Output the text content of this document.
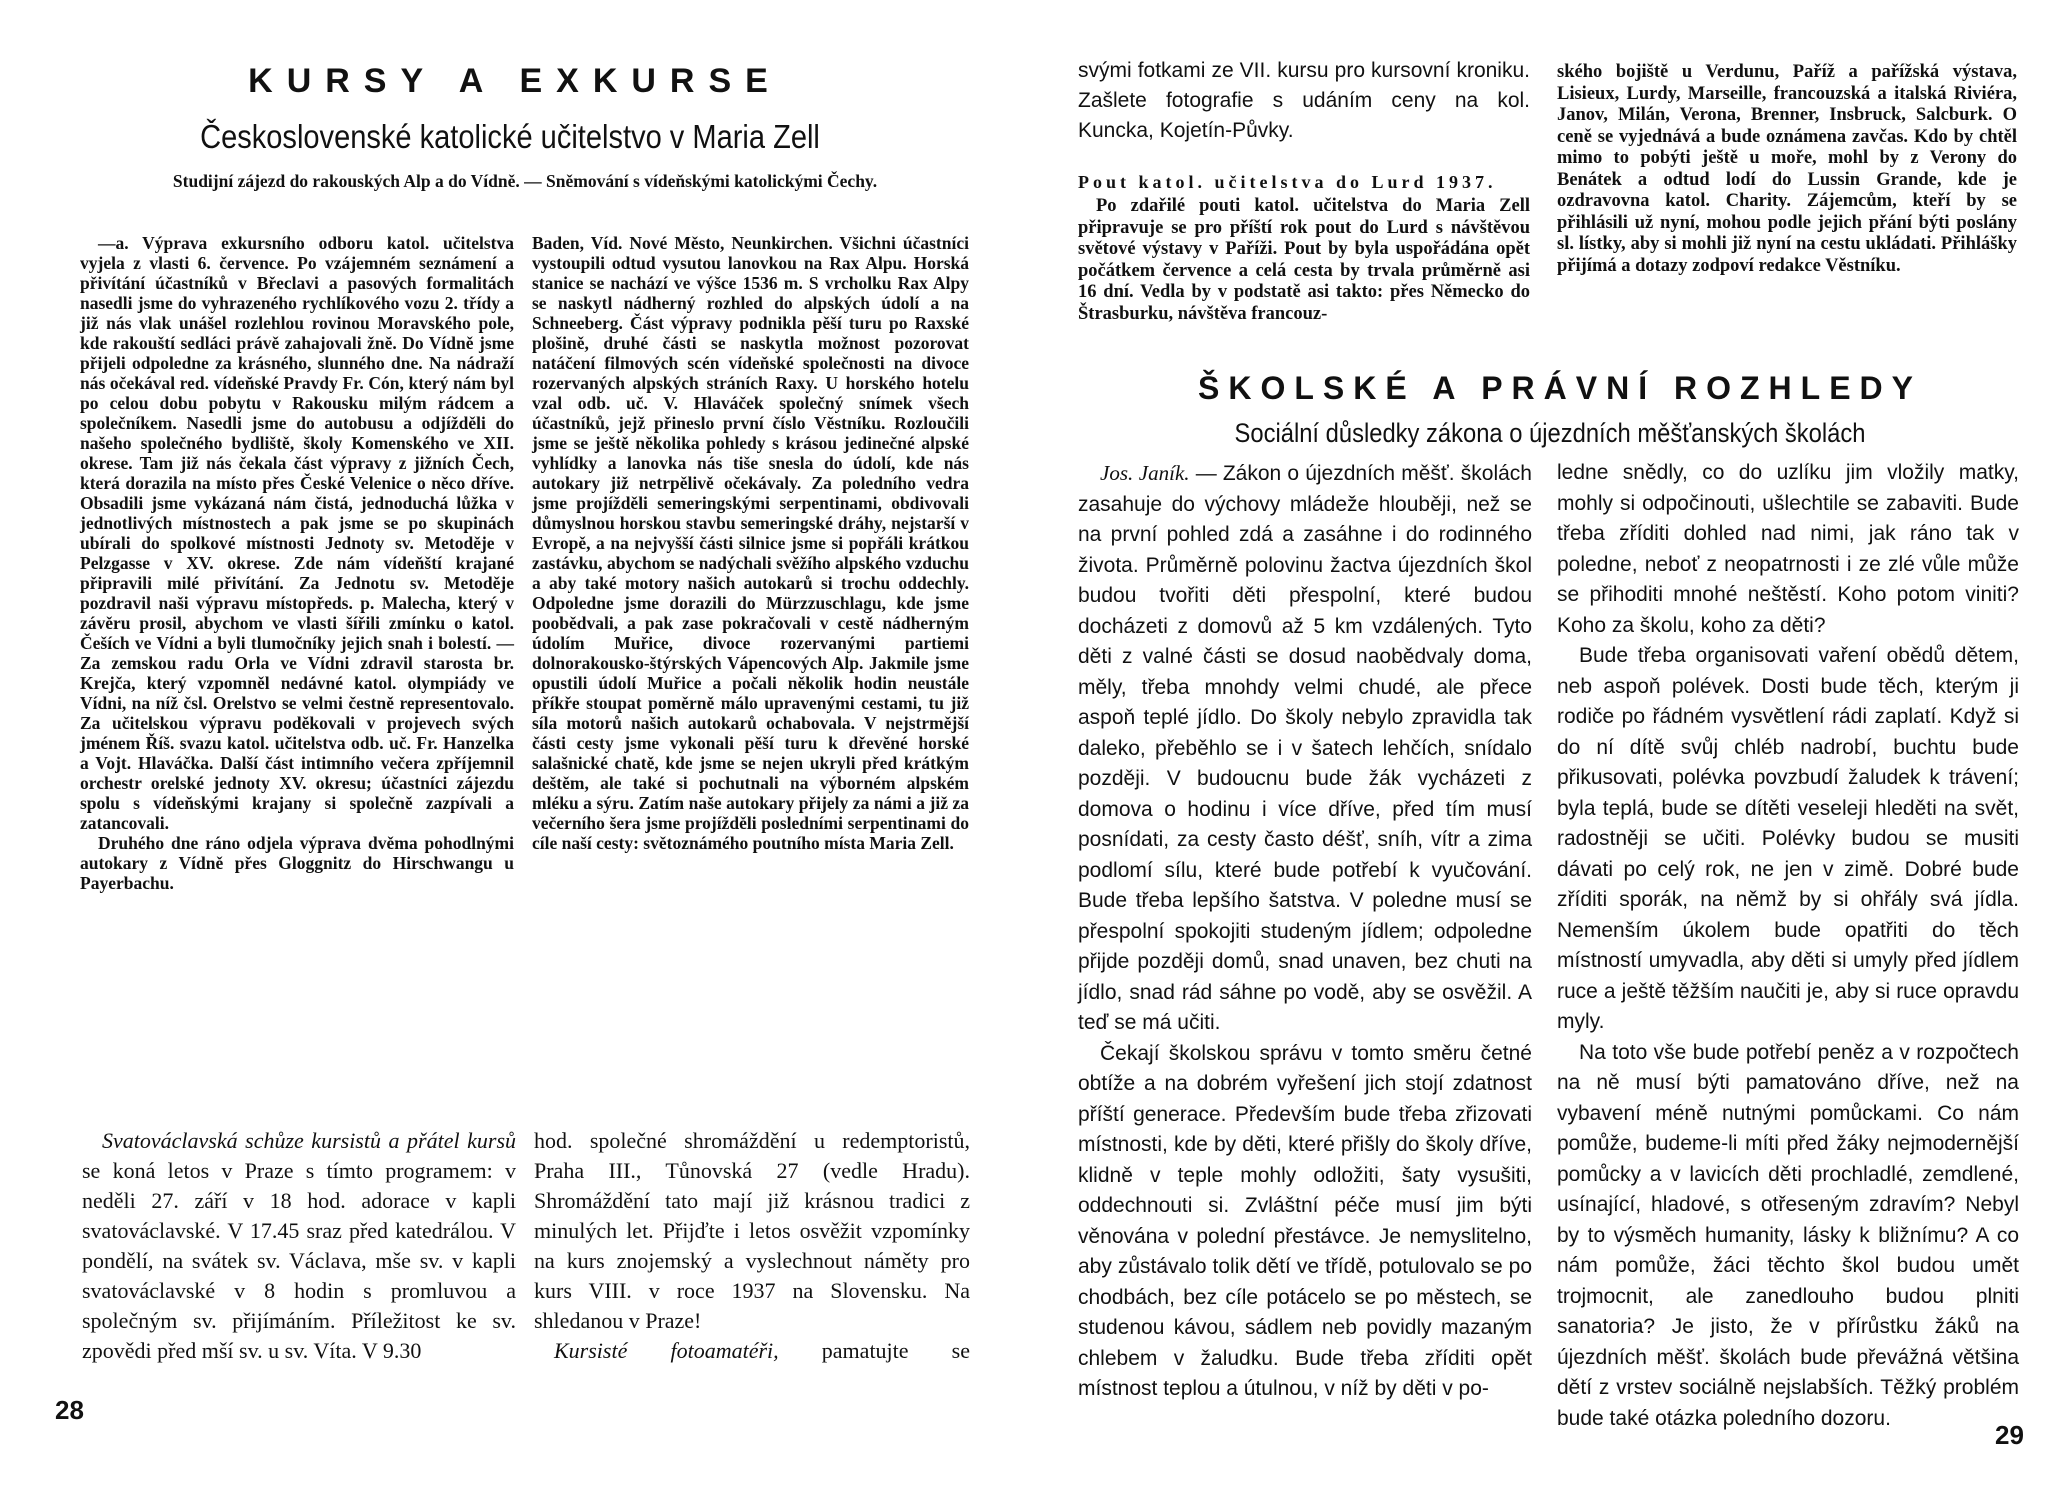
KURSY A EXKURSE
Československé katolické učitelstvo v Maria Zell
Studijní zájezd do rakouských Alp a do Vídně. — Sněmování s vídeňskými katolickými Čechy.

—a. Výprava exkursního odboru katol. učitelstva vyjela z vlasti 6. července. Po vzájemném seznámení a přivítání účastníků v Břeclavi a pasových formalitách nasedli jsme do vyhrazeného rychlíkového vozu 2. třídy a již nás vlak unášel rozlehlou rovinou Moravského pole, kde rakouští sedláci právě zahajovali žně. Do Vídně jsme přijeli odpoledne za krásného, slunného dne. Na nádraží nás očekával red. vídeňské Pravdy Fr. Cón, který nám byl po celou dobu pobytu v Rakousku milým rádcem a společníkem. Nasedli jsme do autobusu a odjížděli do našeho společného bydliště, školy Komenského ve XII. okrese. Tam již nás čekala část výpravy z jižních Čech, která dorazila na místo přes České Velenice o něco dříve. Obsadili jsme vykázaná nám čistá, jednoduchá lůžka v jednotlivých místnostech a pak jsme se po skupinách ubírali do spolkové místnosti Jednoty sv. Metoděje v Pelzgasse v XV. okrese. Zde nám vídeňští krajané připravili milé přivítání. Za Jednotu sv. Metoděje pozdravil naši výpravu místopředs. p. Malecha, který v závěru prosil, abychom ve vlasti šířili zmínku o katol. Češích ve Vídni a byli tlumočníky jejich snah i bolestí. — Za zemskou radu Orla ve Vídni zdravil starosta br. Krejča, který vzpomněl nedávné katol. olympiády ve Vídni, na níž čsl. Orelstvo se velmi čestně representovalo. Za učitelskou výpravu poděkovali v projevech svých jménem Říš. svazu katol. učitelstva odb. uč. Fr. Hanzelka a Vojt. Hlaváčka. Další část intimního večera zpříjemnil orchestr orelské jednoty XV. okresu; účastníci zájezdu spolu s vídeňskými krajany si společně zazpívali a zatancovali.

Druhého dne ráno odjela výprava dvěma pohodlnými autokary z Vídně přes Gloggnitz do Hirschwangu u Payerbachu.

Baden, Víd. Nové Město, Neunkirchen. Všichni účastníci vystoupili odtud vysutou lanovkou na Rax Alpu. Horská stanice se nachází ve výšce 1536 m. S vrcholku Rax Alpy se naskytl nádherný rozhled do alpských údolí a na Schneeberg. Část výpravy podnikla pěší turu po Raxské plošině, druhé části se naskytla možnost pozorovat natáčení filmových scén vídeňské společnosti na divoce rozervaných alpských stráních Raxy. U horského hotelu vzal odb. uč. V. Hlaváček společný snímek všech účastníků, jejž přineslo první číslo Věstníku. Rozloučili jsme se ještě několika pohledy s krásou jedinečné alpské vyhlídky a lanovka nás tiše snesla do údolí, kde nás autokary již netrpělivě očekávaly. Za poledního vedra jsme projížděli semeringskými serpentinami, obdivovali důmyslnou horskou stavbu semeringské dráhy, nejstarší v Evropě, a na nejvyšší části silnice jsme si popřáli krátkou zastávku, abychom se nadýchali svěžího alpského vzduchu a aby také motory našich autokarů si trochu oddechly. Odpoledne jsme dorazili do Mürzzuschlagu, kde jsme poobědvali, a pak zase pokračovali v cestě nádherným údolím Muřice, divoce rozervanými partiemi dolnorakousko-štýrských Vápencových Alp. Jakmile jsme opustili údolí Muřice a počali několik hodin neustále příkře stoupat poměrně málo upravenými cestami, tu již síla motorů našich autokarů ochabovala. V nejstrmější části cesty jsme vykonali pěší turu k dřevěné horské salašnické chatě, kde jsme se nejen ukryli před krátkým deštěm, ale také si pochutnali na výborném alpském mléku a sýru. Zatím naše autokary přijely za námi a již za večerního šera jsme projížděli posledními serpentinami do cíle naší cesty: světoznámého poutního místa Maria Zell.

Svatováclavská schůze kursistů a přátel kursů se koná letos v Praze s tímto programem: v neděli 27. září v 18 hod. adorace v kapli svatováclavské. V 17.45 sraz před katedrálou. V pondělí, na svátek sv. Václava, mše sv. v kapli svatováclavské v 8 hodin s promluvou a společným sv. přijímáním. Příležitost ke sv. zpovědi před mší sv. u sv. Víta. V 9.30
hod. společné shromáždění u redemptoristů, Praha III., Tůnovská 27 (vedle Hradu). Shromáždění tato mají již krásnou tradici z minulých let. Přijďte i letos osvěžit vzpomínky na kurs znojemský a vyslechnout náměty pro kurs VIII. v roce 1937 na Slovensku. Na shledanou v Praze!
Kursisté fotoamatéři, pamatujte se
28
svými fotkami ze VII. kursu pro kursovní kroniku. Zašlete fotografie s udáním ceny na kol. Kuncka, Kojetín-Půvky.
Pout katol. učitelstva do Lurd 1937.

Po zdařilé pouti katol. učitelstva do Maria Zell připravuje se pro příští rok pout do Lurd s návštěvou světové výstavy v Paříži. Pout by byla uspořádána opět počátkem července a celá cesta by trvala průměrně asi 16 dní. Vedla by v podstatě asi takto: přes Německo do Štrasburku, návštěva francouz-

ského bojiště u Verdunu, Paříž a pařížská výstava, Lisieux, Lurdy, Marseille, francouzská a italská Riviéra, Janov, Milán, Verona, Brenner, Insbruck, Salcburk. O ceně se vyjednává a bude oznámena zavčas. Kdo by chtěl mimo to pobýti ještě u moře, mohl by z Verony do Benátek a odtud lodí do Lussin Grande, kde je ozdravovna katol. Charity. Zájemcům, kteří by se přihlásili už nyní, mohou podle jejich přání býti poslány sl. lístky, aby si mohli již nyní na cestu ukládati. Přihlášky přijímá a dotazy zodpoví redakce Věstníku.

ŠKOLSKÉ A PRÁVNÍ ROZHLEDY
Sociální důsledky zákona o újezdních měšťanských školách

Jos. Janík. — Zákon o újezdních měšť. školách zasahuje do výchovy mládeže hlouběji, než se na první pohled zdá a zasáhne i do rodinného života. Průměrně polovinu žactva újezdních škol budou tvořiti děti přespolní, které budou docházeti z domovů až 5 km vzdálených. Tyto děti z valné části se dosud naobědvaly doma, měly, třeba mnohdy velmi chudé, ale přece aspoň teplé jídlo. Do školy nebylo zpravidla tak daleko, přeběhlo se i v šatech lehčích, snídalo později. V budoucnu bude žák vycházeti z domova o hodinu i více dříve, před tím musí posnídati, za cesty často déšť, sníh, vítr a zima podlomí sílu, které bude potřebí k vyučování. Bude třeba lepšího šatstva. V poledne musí se přespolní spokojiti studeným jídlem; odpoledne přijde později domů, snad unaven, bez chuti na jídlo, snad rád sáhne po vodě, aby se osvěžil. A teď se má učiti.

Čekají školskou správu v tomto směru četné obtíže a na dobrém vyřešení jich stojí zdatnost příští generace. Především bude třeba zřizovati místnosti, kde by děti, které přišly do školy dříve, klidně v teple mohly odložiti, šaty vysušiti, oddechnouti si. Zvláštní péče musí jim býti věnována v polední přestávce. Je nemyslitelno, aby zůstávalo tolik dětí ve třídě, potulovalo se po chodbách, bez cíle potácelo se po městech, se studenou kávou, sádlem neb povidly mazaným chlebem v žaludku. Bude třeba zříditi opět místnost teplou a útulnou, v níž by děti v po-

ledne snědly, co do uzlíku jim vložily matky, mohly si odpočinouti, ušlechtile se zabaviti. Bude třeba zříditi dohled nad nimi, jak ráno tak v poledne, neboť z neopatrnosti i ze zlé vůle může se přihoditi mnohé neštěstí. Koho potom viniti? Koho za školu, koho za děti?

Bude třeba organisovati vaření obědů dětem, neb aspoň polévek. Dosti bude těch, kterým ji rodiče po řádném vysvětlení rádi zaplatí. Když si do ní dítě svůj chléb nadrobí, buchtu bude přikusovati, polévka povzbudí žaludek k trávení; byla teplá, bude se dítěti veseleji hleděti na svět, radostněji se učiti. Polévky budou se musiti dávati po celý rok, ne jen v zimě. Dobré bude zříditi sporák, na němž by si ohřály svá jídla. Nemenším úkolem bude opatřiti do těch místností umyvadla, aby děti si umyly před jídlem ruce a ještě těžším naučiti je, aby si ruce opravdu myly.

Na toto vše bude potřebí peněz a v rozpočtech na ně musí býti pamatováno dříve, než na vybavení méně nutnými pomůckami. Co nám pomůže, budeme-li míti před žáky nejmodernější pomůcky a v lavicích děti prochladlé, zemdlené, usínající, hladové, s otřeseným zdravím? Nebyl by to výsměch humanity, lásky k bližnímu? A co nám pomůže, žáci těchto škol budou umět trojmocnit, ale zanedlouho budou plniti sanatoria? Je jisto, že v přírůstku žáků na újezdních měšť. školách bude převážná většina dětí z vrstev sociálně nejslabších. Těžký problém bude také otázka poledního dozoru.

29
